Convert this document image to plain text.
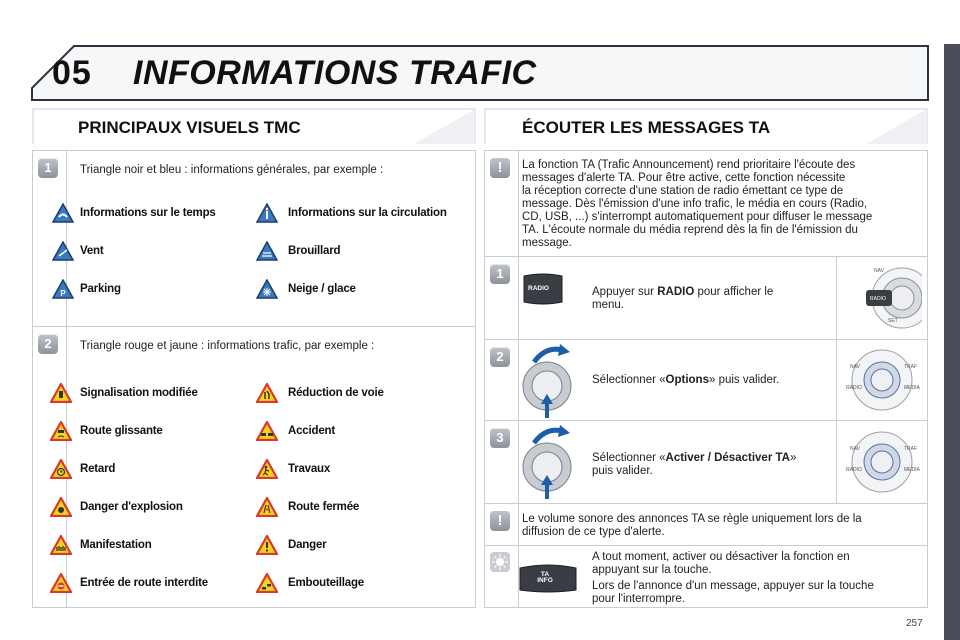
05 INFORMATIONS TRAFIC
PRINCIPAUX VISUELS TMC
1	Triangle noir et bleu : informations générales, par exemple :
Informations sur le temps	Informations sur la circulation
Vent	Brouillard
P Parking	Neige / glace
2	Triangle rouge et jaune : informations trafic, par exemple :
Signalisation modifiée	Réduction de voie
Route glissante	Accident
Retard	Travaux
Danger d'explosion	Route fermée
Manifestation	Danger
Entrée de route interdite	Embouteillage
ÉCOUTER LES MESSAGES TA
!	La fonction TA (Trafic Announcement) rend prioritaire l'écoute des
messages d'alerte TA. Pour être active, cette fonction nécessite
la réception correcte d'une station de radio émettant ce type de
message. Dès l'émission d'une info trafic, le média en cours (Radio,
CD, USB, ...) s'interrompt automatiquement pour diffuser le message
TA. L'écoute normale du média reprend dès la fin de l'émission du
message.
1
RADIO	Appuyer sur RADIO pour afficher le
menu.
NAV
RADIO
SET
2
Sélectionner «Options» puis valider.
NAV	TRAF
RADIO	MEDIA
3
Sélectionner «Activer / Désactiver TA»
puis valider.
NAV	TRAF
RADIO	MEDIA
!	Le volume sonore des annonces TA se règle uniquement lors de la
diffusion de ce type d'alerte.
TA INFO
A tout moment, activer ou désactiver la fonction en
appuyant sur la touche.
Lors de l'annonce d'un message, appuyer sur la touche
pour l'interrompre.
257
